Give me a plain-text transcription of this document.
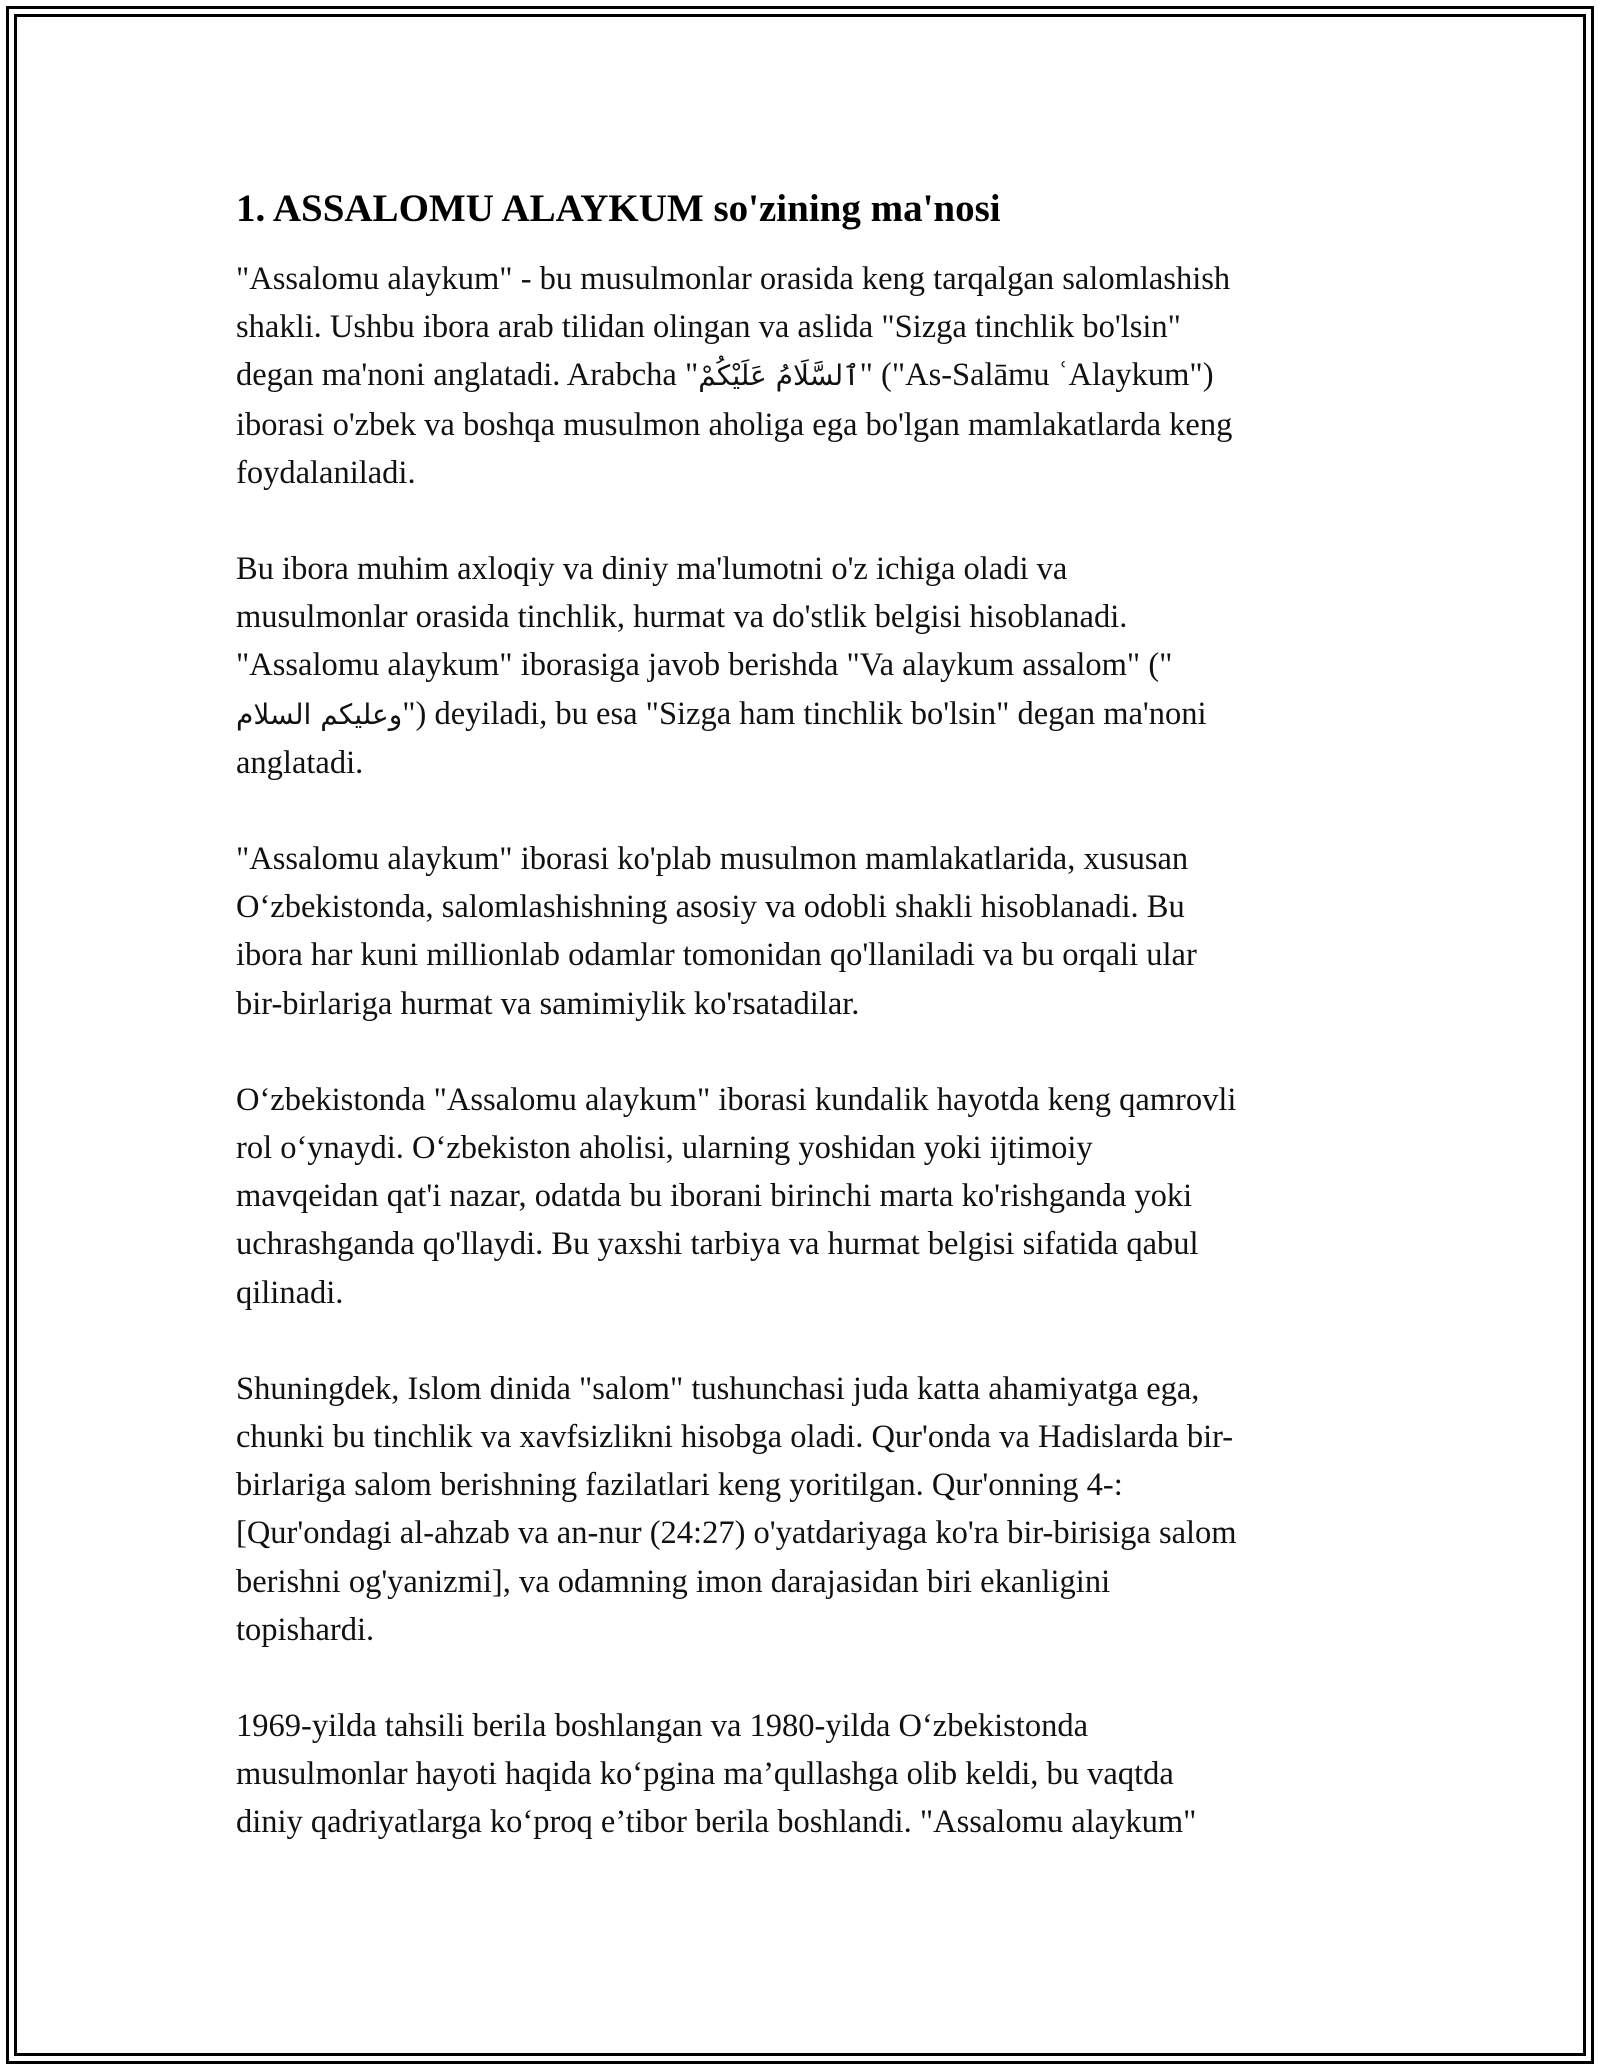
1. ASSALOMU ALAYKUM so'zining ma'nosi

"Assalomu alaykum" - bu musulmonlar orasida keng tarqalgan salomlashish
shakli. Ushbu ibora arab tilidan olingan va aslida "Sizga tinchlik bo'lsin"
degan ma'noni anglatadi. Arabcha "ٱلسَّلَامُ عَلَيْكُمْ" ("As-Salāmu ʿAlaykum")
iborasi o'zbek va boshqa musulmon aholiga ega bo'lgan mamlakatlarda keng
foydalaniladi.

Bu ibora muhim axloqiy va diniy ma'lumotni o'z ichiga oladi va
musulmonlar orasida tinchlik, hurmat va do'stlik belgisi hisoblanadi.
"Assalomu alaykum" iborasiga javob berishda "Va alaykum assalom" ("
وعليكم السلام") deyiladi, bu esa "Sizga ham tinchlik bo'lsin" degan ma'noni
anglatadi.

"Assalomu alaykum" iborasi ko'plab musulmon mamlakatlarida, xususan
O‘zbekistonda, salomlashishning asosiy va odobli shakli hisoblanadi. Bu
ibora har kuni millionlab odamlar tomonidan qo'llaniladi va bu orqali ular
bir-birlariga hurmat va samimiylik ko'rsatadilar.

O‘zbekistonda "Assalomu alaykum" iborasi kundalik hayotda keng qamrovli
rol o‘ynaydi. O‘zbekiston aholisi, ularning yoshidan yoki ijtimoiy
mavqeidan qat'i nazar, odatda bu iborani birinchi marta ko'rishganda yoki
uchrashganda qo'llaydi. Bu yaxshi tarbiya va hurmat belgisi sifatida qabul
qilinadi.

Shuningdek, Islom dinida "salom" tushunchasi juda katta ahamiyatga ega,
chunki bu tinchlik va xavfsizlikni hisobga oladi. Qur'onda va Hadislarda bir-
birlariga salom berishning fazilatlari keng yoritilgan. Qur'onning 4-:
[Qur'ondagi al-ahzab va an-nur (24:27) o'yatdariyaga ko'ra bir-birisiga salom
berishni og'yanizmi], va odamning imon darajasidan biri ekanligini
topishardi.

1969-yilda tahsili berila boshlangan va 1980-yilda O‘zbekistonda
musulmonlar hayoti haqida ko‘pgina ma’qullashga olib keldi, bu vaqtda
diniy qadriyatlarga ko‘proq e’tibor berila boshlandi. "Assalomu alaykum"
